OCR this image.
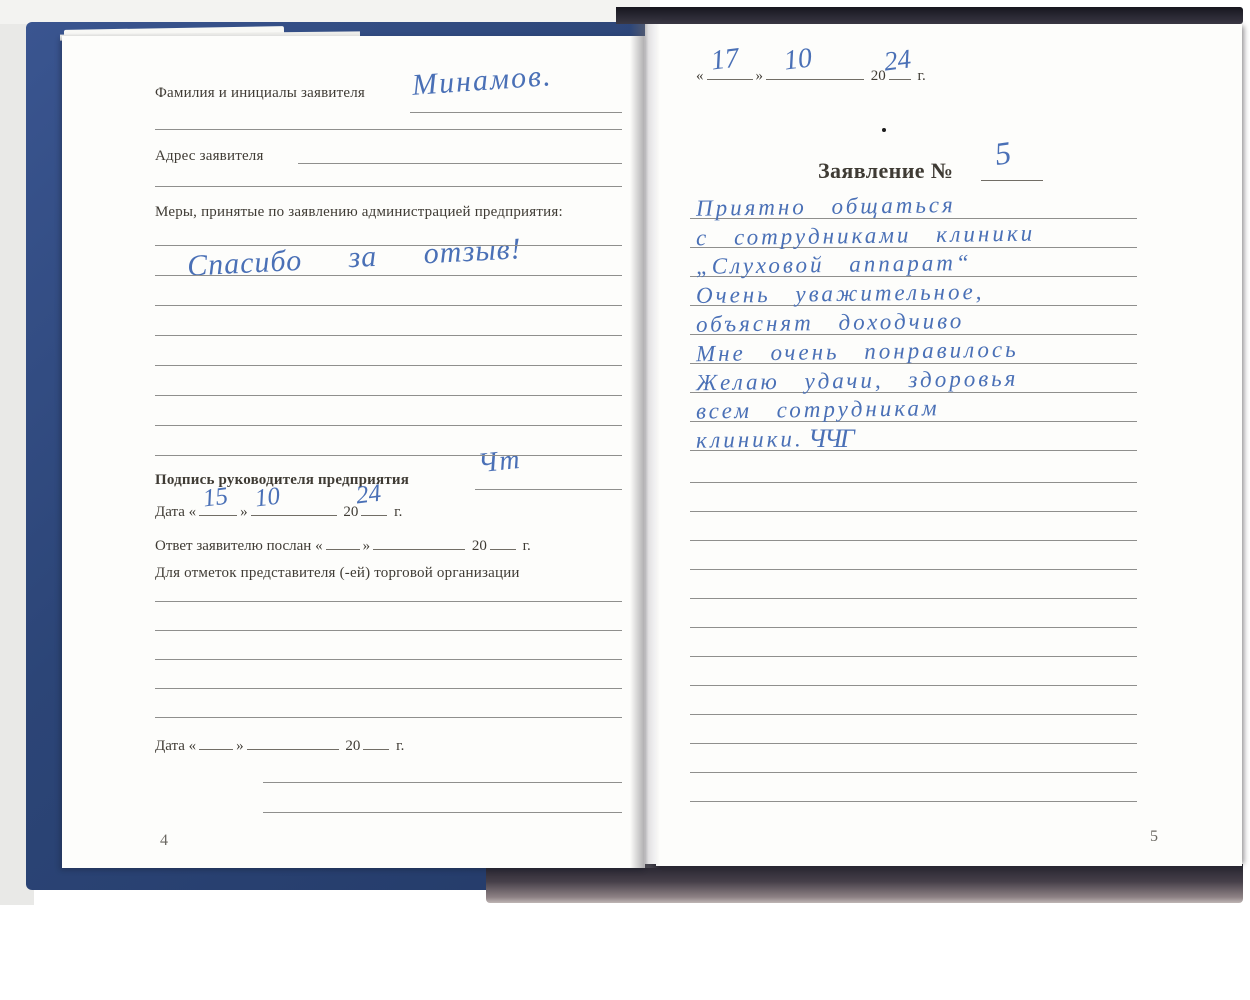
Фамилия и инициалы заявителя Минамов.
Адрес заявителя
Меры, принятые по заявлению администрацией предприятия:
Спасибо за отзыв!
Подпись руководителя предприятия
Чт
Дата « 15 » 10	20
24
г.
Ответ заявителю послан «	»	20 г.
Для отметок представителя (-ей) торговой организации
Дата «	»	20 г.
4
« 17 » 10	20
24 г.
Заявление № 5
Приятно общаться
с сотрудниками клиники
„Слуховой аппарат“
Очень уважительное,
объяснят доходчиво
Мне очень понравилось
Желаю удачи, здоровья
всем сотрудникам
клиники. ЧЧГ
5
